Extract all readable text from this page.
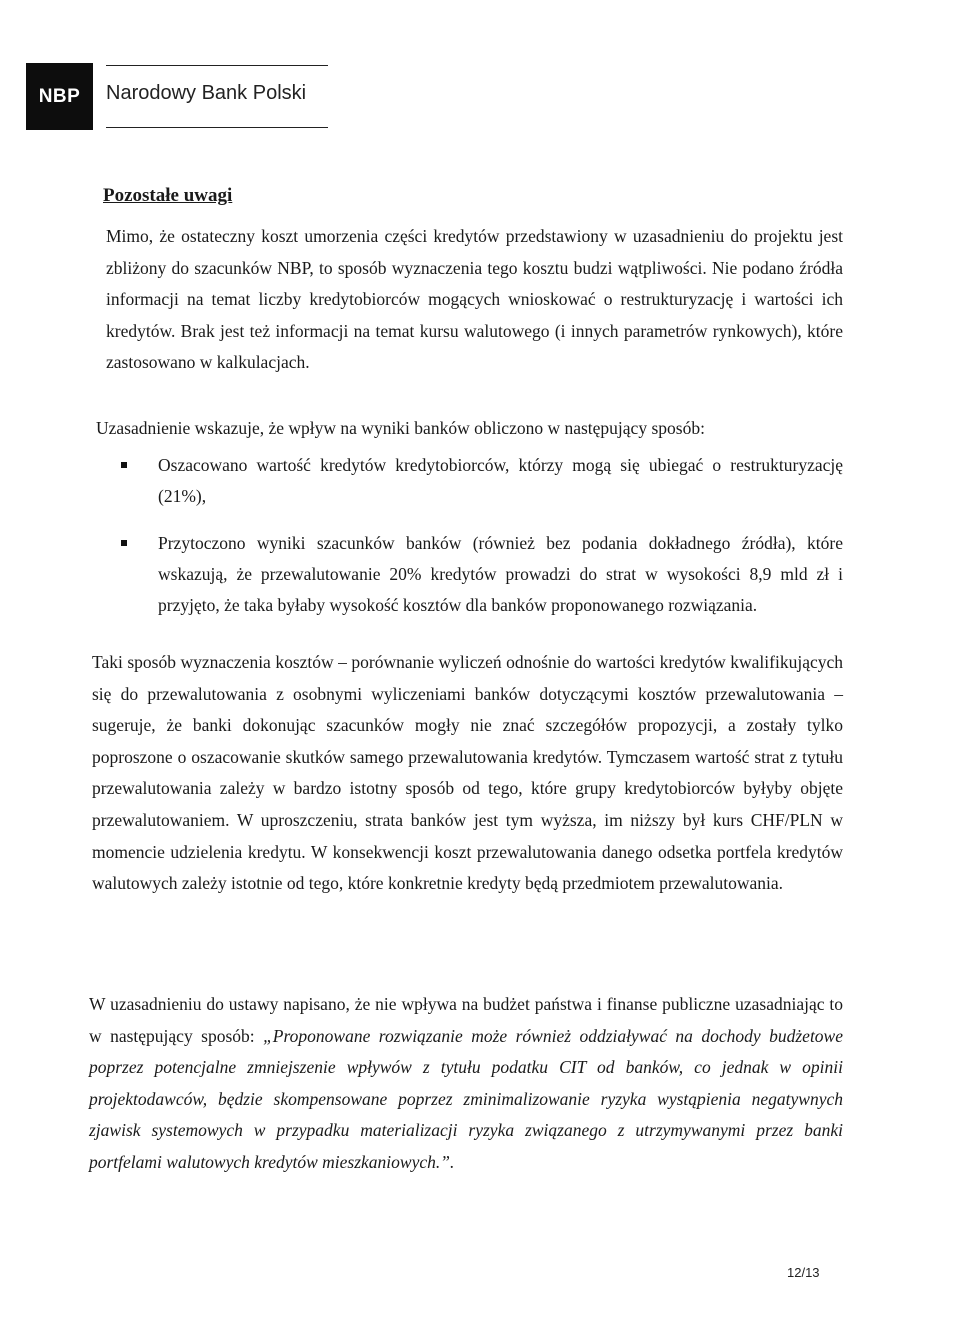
NBP Narodowy Bank Polski
Pozostałe uwagi

Mimo, że ostateczny koszt umorzenia części kredytów przedstawiony w uzasadnieniu do projektu jest zbliżony do szacunków NBP, to sposób wyznaczenia tego kosztu budzi wątpliwości. Nie podano źródła informacji na temat liczby kredytobiorców mogących wnioskować o restrukturyzację i wartości ich kredytów. Brak jest też informacji na temat kursu walutowego (i innych parametrów rynkowych), które zastosowano w kalkulacjach.

Uzasadnienie wskazuje, że wpływ na wyniki banków obliczono w następujący sposób:

Oszacowano wartość kredytów kredytobiorców, którzy mogą się ubiegać o restrukturyzację (21%),
Przytoczono wyniki szacunków banków (również bez podania dokładnego źródła), które wskazują, że przewalutowanie 20% kredytów prowadzi do strat w wysokości 8,9 mld zł i przyjęto, że taka byłaby wysokość kosztów dla banków proponowanego rozwiązania.

Taki sposób wyznaczenia kosztów – porównanie wyliczeń odnośnie do wartości kredytów kwalifikujących się do przewalutowania z osobnymi wyliczeniami banków dotyczącymi kosztów przewalutowania – sugeruje, że banki dokonując szacunków mogły nie znać szczegółów propozycji, a zostały tylko poproszone o oszacowanie skutków samego przewalutowania kredytów. Tymczasem wartość strat z tytułu przewalutowania zależy w bardzo istotny sposób od tego, które grupy kredytobiorców byłyby objęte przewalutowaniem. W uproszczeniu, strata banków jest tym wyższa, im niższy był kurs CHF/PLN w momencie udzielenia kredytu. W konsekwencji koszt przewalutowania danego odsetka portfela kredytów walutowych zależy istotnie od tego, które konkretnie kredyty będą przedmiotem przewalutowania.

W uzasadnieniu do ustawy napisano, że nie wpływa na budżet państwa i finanse publiczne uzasadniając to w następujący sposób: „Proponowane rozwiązanie może również oddziaływać na dochody budżetowe poprzez potencjalne zmniejszenie wpływów z tytułu podatku CIT od banków, co jednak w opinii projektodawców, będzie skompensowane poprzez zminimalizowanie ryzyka wystąpienia negatywnych zjawisk systemowych w przypadku materializacji ryzyka związanego z utrzymywanymi przez banki portfelami walutowych kredytów mieszkaniowych.”.

12/13
